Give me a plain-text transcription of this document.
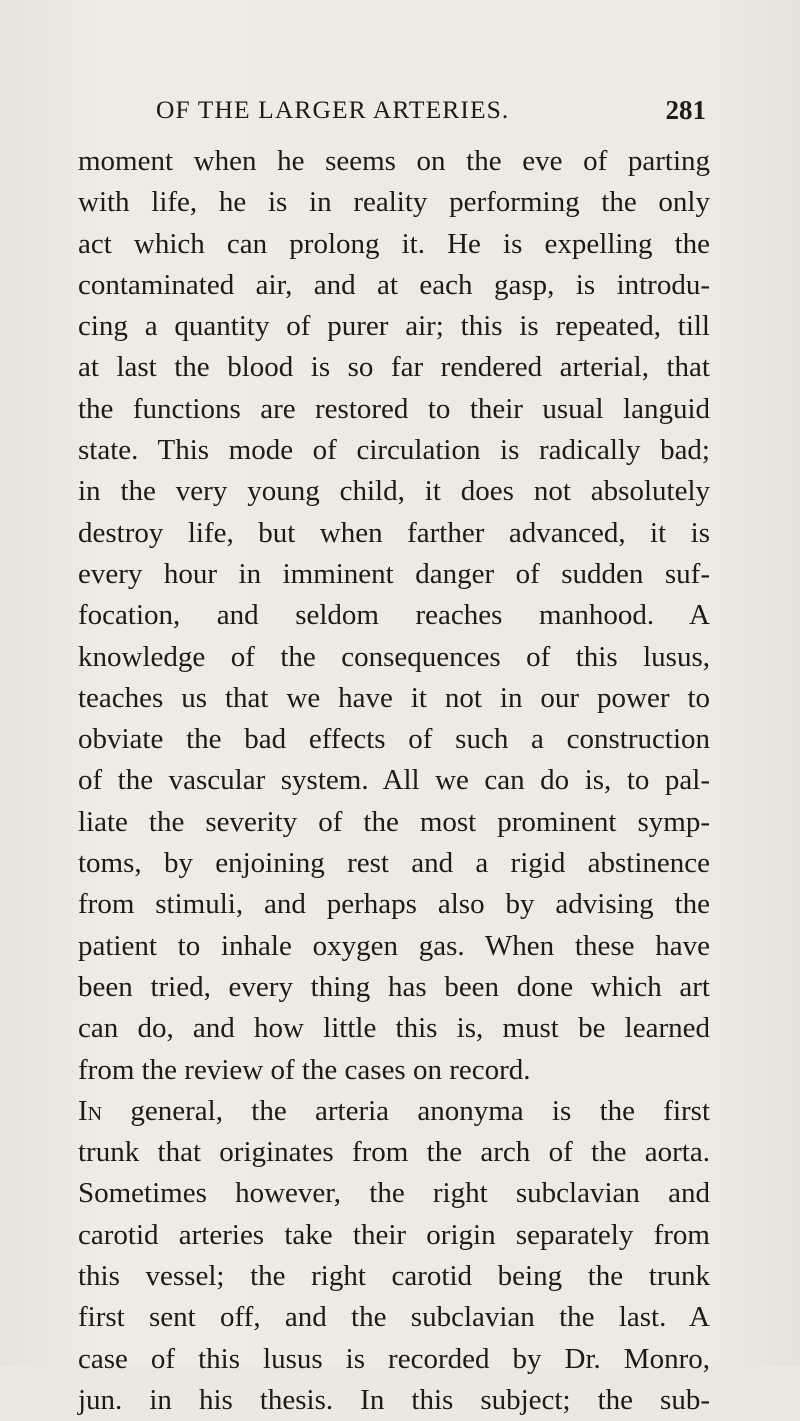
OF THE LARGER ARTERIES.	281
moment when he seems on the eve of parting
with life, he is in reality performing the only
act which can prolong it. He is expelling the
contaminated air, and at each gasp, is introdu-
cing a quantity of purer air; this is repeated, till
at last the blood is so far rendered arterial, that
the functions are restored to their usual languid
state. This mode of circulation is radically bad;
in the very young child, it does not absolutely
destroy life, but when farther advanced, it is
every hour in imminent danger of sudden suf-
focation, and seldom reaches manhood. A
knowledge of the consequences of this lusus,
teaches us that we have it not in our power to
obviate the bad effects of such a construction
of the vascular system. All we can do is, to pal-
liate the severity of the most prominent symp-
toms, by enjoining rest and a rigid abstinence
from stimuli, and perhaps also by advising the
patient to inhale oxygen gas. When these have
been tried, every thing has been done which art
can do, and how little this is, must be learned
from the review of the cases on record.
In general, the arteria anonyma is the first
trunk that originates from the arch of the aorta.
Sometimes however, the right subclavian and
carotid arteries take their origin separately from
this vessel; the right carotid being the trunk
first sent off, and the subclavian the last. A
case of this lusus is recorded by Dr. Monro,
jun. in his thesis. In this subject; the sub-
